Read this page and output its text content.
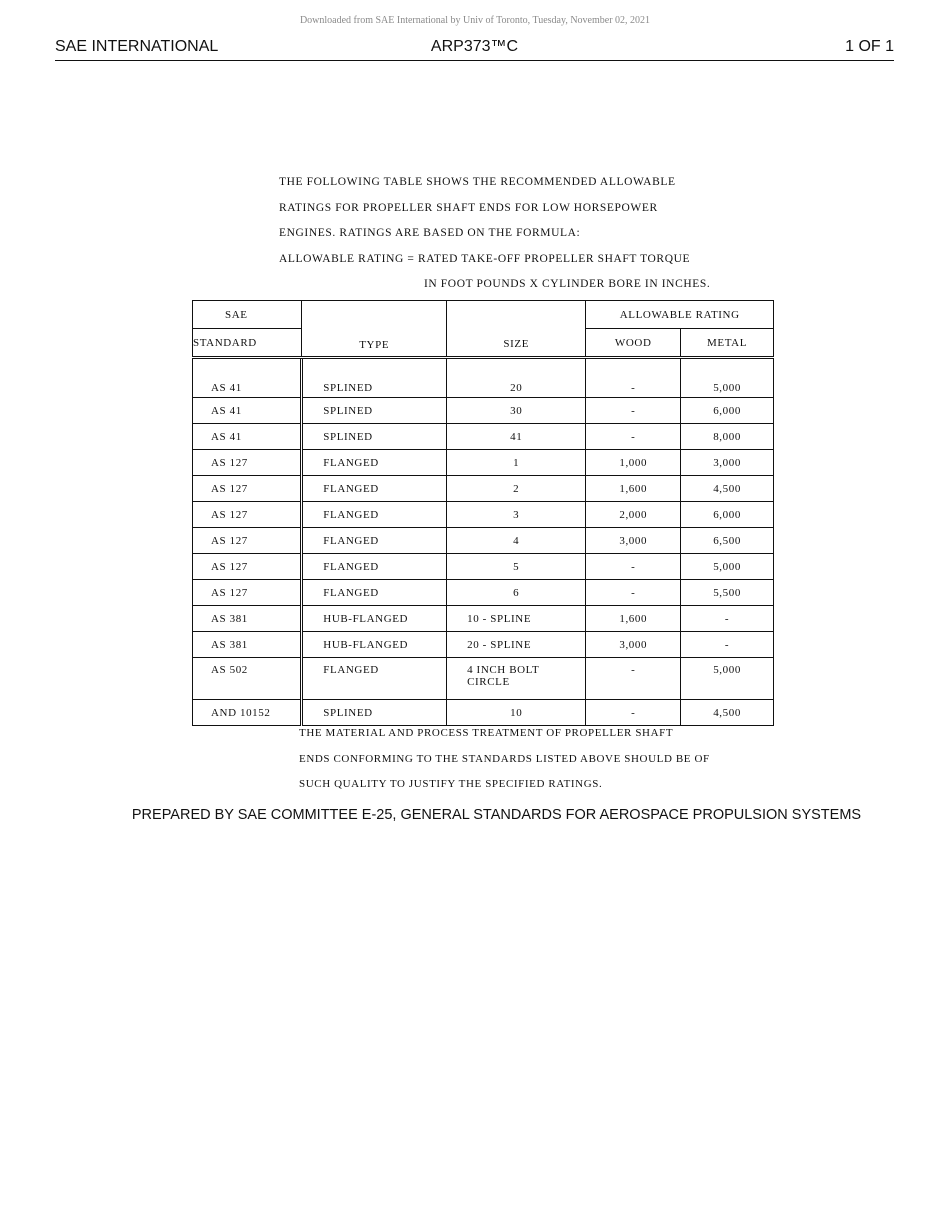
Downloaded from SAE International by Univ of Toronto, Tuesday, November 02, 2021
SAE INTERNATIONAL	ARP373™C	1 OF 1
THE FOLLOWING TABLE SHOWS THE RECOMMENDED ALLOWABLE
RATINGS FOR PROPELLER SHAFT ENDS FOR LOW HORSEPOWER
ENGINES. RATINGS ARE BASED ON THE FORMULA:
ALLOWABLE RATING = RATED TAKE-OFF PROPELLER SHAFT TORQUE
IN FOOT POUNDS X CYLINDER BORE IN INCHES.
SAE	TYPE	SIZE	ALLOWABLE RATING	
STANDARD			WOOD	METAL
AS 41	SPLINED	20	-	5,000
AS 41	SPLINED	30	-	6,000
AS 41	SPLINED	41	-	8,000
AS 127	FLANGED	1	1,000	3,000
AS 127	FLANGED	2	1,600	4,500
AS 127	FLANGED	3	2,000	6,000
AS 127	FLANGED	4	3,000	6,500
AS 127	FLANGED	5	-	5,000
AS 127	FLANGED	6	-	5,500
AS 381	HUB-FLANGED	10 - SPLINE	1,600	-
AS 381	HUB-FLANGED	20 - SPLINE	3,000	-
AS 502	FLANGED	4 INCH BOLT
CIRCLE	-	5,000
AND 10152	SPLINED	10	-	4,500
THE MATERIAL AND PROCESS TREATMENT OF PROPELLER SHAFT
ENDS CONFORMING TO THE STANDARDS LISTED ABOVE SHOULD BE OF
SUCH QUALITY TO JUSTIFY THE SPECIFIED RATINGS.
PREPARED BY SAE COMMITTEE E-25, GENERAL STANDARDS FOR AEROSPACE PROPULSION SYSTEMS
